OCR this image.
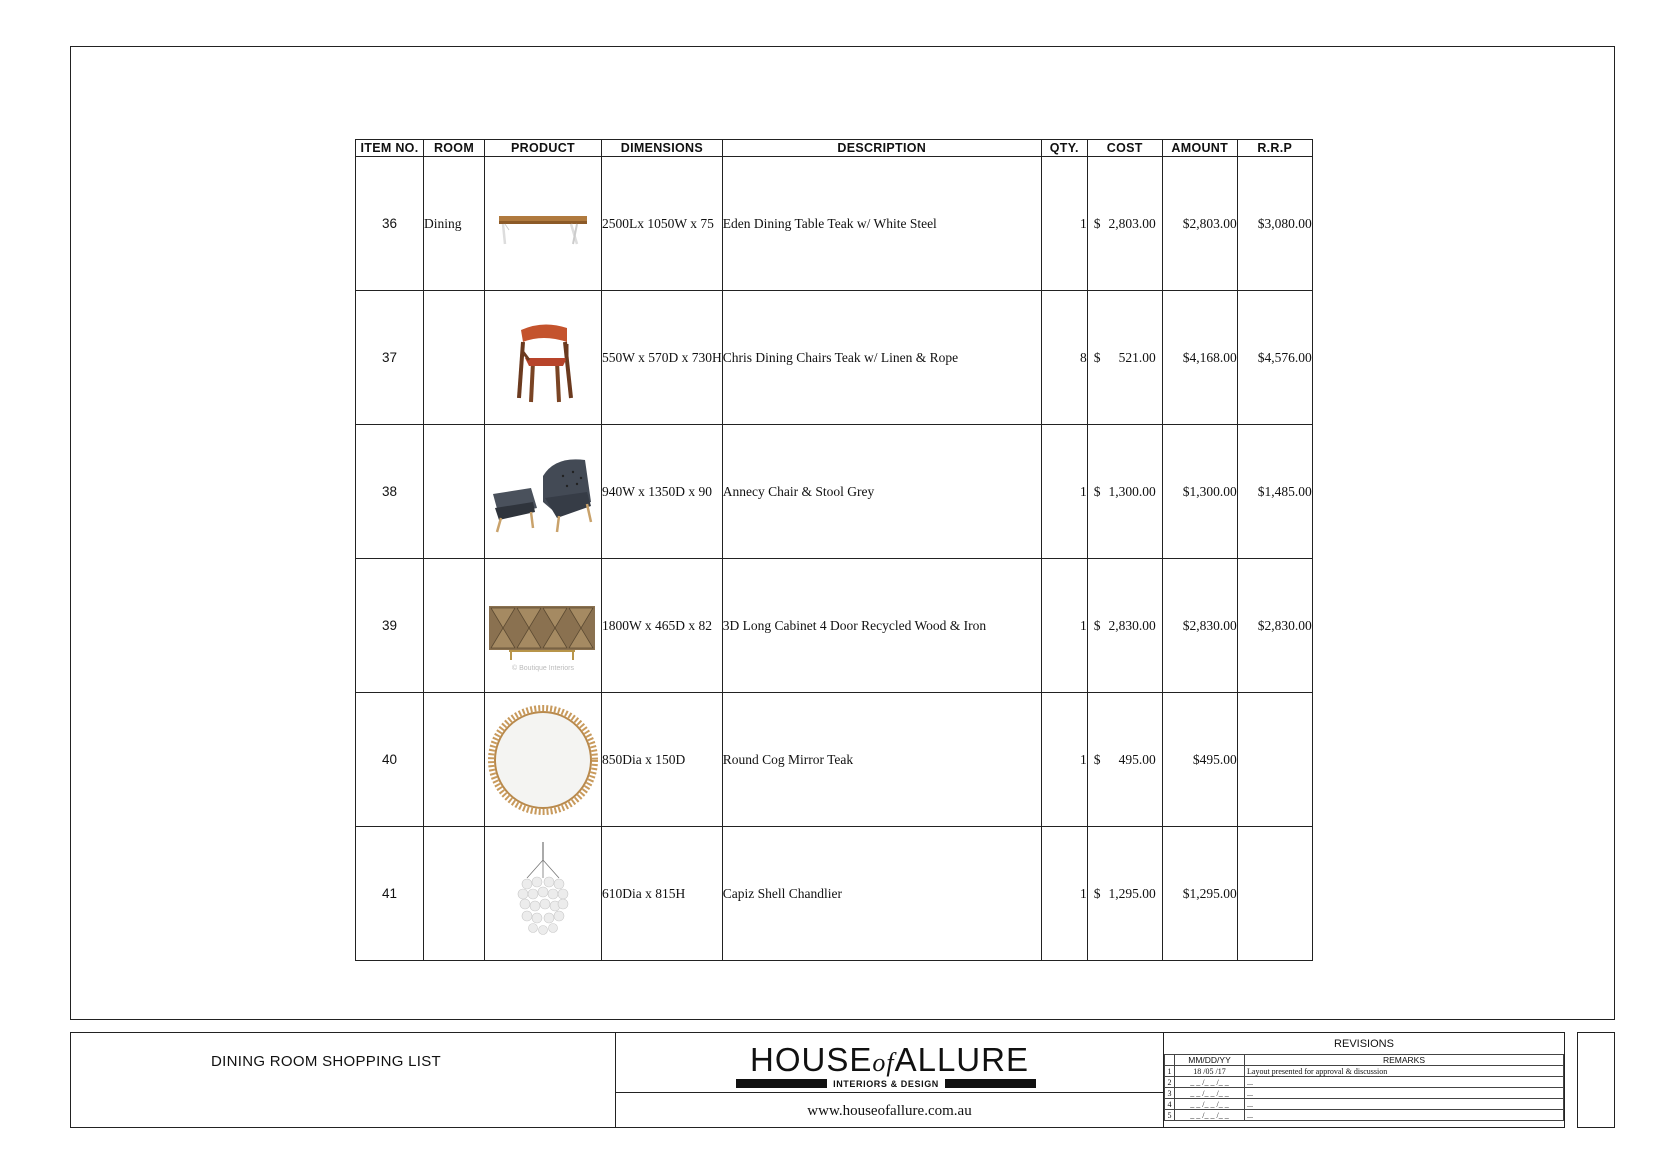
ITEM NO.	ROOM	PRODUCT	DIMENSIONS	DESCRIPTION	QTY.	COST	AMOUNT	R.R.P
36	Dining		2500Lx 1050W x 75	Eden Dining Table Teak w/ White Steel	1	$ 2,803.00	$2,803.00	$3,080.00
37			550W x 570D x 730H	Chris Dining Chairs Teak w/ Linen & Rope	8	$ 521.00	$4,168.00	$4,576.00
38			940W x 1350D x 90	Annecy Chair & Stool Grey	1	$ 1,300.00	$1,300.00	$1,485.00
39		© Boutique Interiors	1800W x 465D x 82	3D Long Cabinet 4 Door Recycled Wood & Iron	1	$ 2,830.00	$2,830.00	$2,830.00
40			850Dia x 150D	Round Cog Mirror Teak	1	$ 495.00	$495.00	
41			610Dia x 815H	Capiz Shell Chandlier	1	$ 1,295.00	$1,295.00	
DINING ROOM SHOPPING LIST	HOUSEofALLURE
INTERIORS & DESIGN
www.houseofallure.com.au
REVISIONS
	MM/DD/YY	REMARKS
1	18 /05 /17	Layout presented for approval & discussion
2	_ _ /_ _ /_ _	...
3	_ _ /_ _ /_ _	...
4	_ _ /_ _ /_ _	...
5	_ _ /_ _ /_ _	...
